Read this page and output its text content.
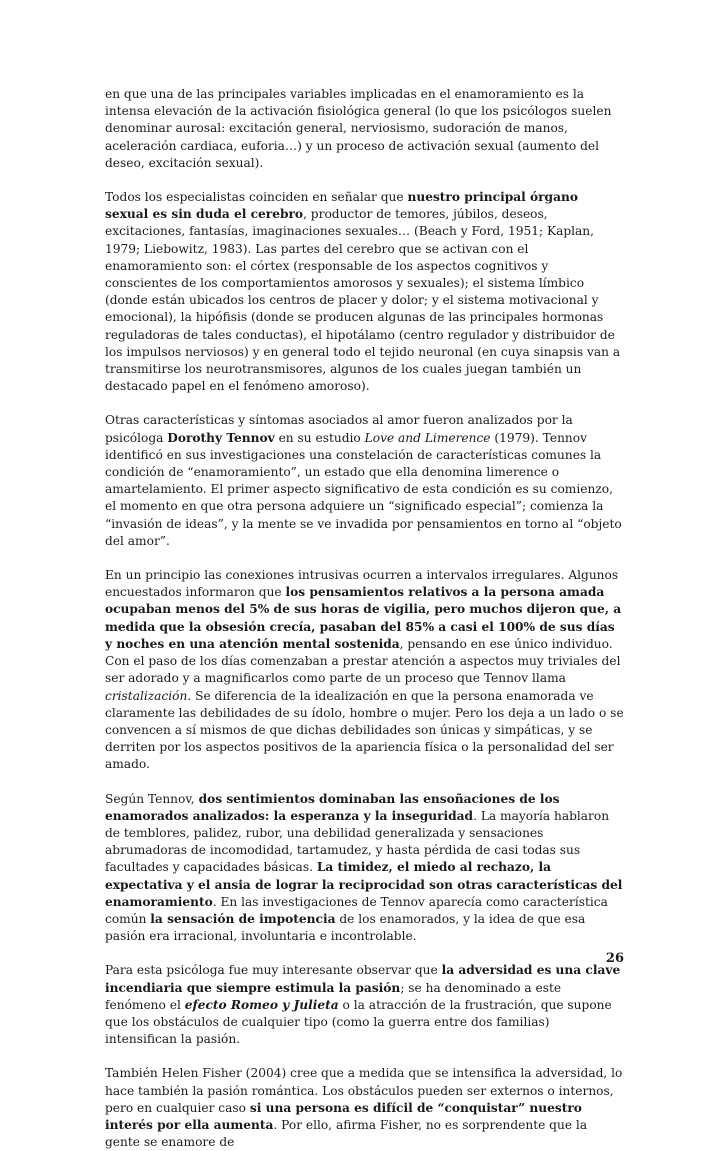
en que una de las principales variables implicadas en el enamoramiento es la intensa elevación de la activación fisiológica general (lo que los psicólogos suelen denominar aurosal: excitación general, nerviosismo, sudoración de manos, aceleración cardiaca, euforia…) y un proceso de activación sexual (aumento del deseo, excitación sexual).

Todos los especialistas coinciden en señalar que nuestro principal órgano sexual es sin duda el cerebro, productor de temores, júbilos, deseos, excitaciones, fantasías, imaginaciones sexuales… (Beach y Ford, 1951; Kaplan, 1979; Liebowitz, 1983). Las partes del cerebro que se activan con el enamoramiento son: el córtex (responsable de los aspectos cognitivos y conscientes de los comportamientos amorosos y sexuales); el sistema límbico (donde están ubicados los centros de placer y dolor; y el sistema motivacional y emocional), la hipófisis (donde se producen algunas de las principales hormonas reguladoras de tales conductas), el hipotálamo (centro regulador y distribuidor de los impulsos nerviosos) y en general todo el tejido neuronal (en cuya sinapsis van a transmitirse los neurotransmisores, algunos de los cuales juegan también un destacado papel en el fenómeno amoroso).

Otras características y síntomas asociados al amor fueron analizados por la psicóloga Dorothy Tennov en su estudio Love and Limerence (1979). Tennov identificó en sus investigaciones una constelación de características comunes la condición de “enamoramiento”, un estado que ella denomina limerence o amartelamiento. El primer aspecto significativo de esta condición es su comienzo, el momento en que otra persona adquiere un “significado especial”; comienza la “invasión de ideas”, y la mente se ve invadida por pensamientos en torno al “objeto del amor”.

En un principio las conexiones intrusivas ocurren a intervalos irregulares. Algunos encuestados informaron que los pensamientos relativos a la persona amada ocupaban menos del 5% de sus horas de vigilia, pero muchos dijeron que, a medida que la obsesión crecía, pasaban del 85% a casi el 100% de sus días y noches en una atención mental sostenida, pensando en ese único individuo. Con el paso de los días comenzaban a prestar atención a aspectos muy triviales del ser adorado y a magnificarlos como parte de un proceso que Tennov llama cristalización. Se diferencia de la idealización en que la persona enamorada ve claramente las debilidades de su ídolo, hombre o mujer. Pero los deja a un lado o se convencen a sí mismos de que dichas debilidades son únicas y simpáticas, y se derriten por los aspectos positivos de la apariencia física o la personalidad del ser amado.

Según Tennov, dos sentimientos dominaban las ensoñaciones de los enamorados analizados: la esperanza y la inseguridad. La mayoría hablaron de temblores, palidez, rubor, una debilidad generalizada y sensaciones abrumadoras de incomodidad, tartamudez, y hasta pérdida de casi todas sus facultades y capacidades básicas. La timidez, el miedo al rechazo, la expectativa y el ansia de lograr la reciprocidad son otras características del enamoramiento. En las investigaciones de Tennov aparecía como característica común la sensación de impotencia de los enamorados, y la idea de que esa pasión era irracional, involuntaria e incontrolable.

Para esta psicóloga fue muy interesante observar que la adversidad es una clave incendiaria que siempre estimula la pasión; se ha denominado a este fenómeno el efecto Romeo y Julieta o la atracción de la frustración, que supone que los obstáculos de cualquier tipo (como la guerra entre dos familias) intensifican la pasión.

También Helen Fisher (2004) cree que a medida que se intensifica la adversidad, lo hace también la pasión romántica. Los obstáculos pueden ser externos o internos, pero en cualquier caso si una persona es difícil de “conquistar” nuestro interés por ella aumenta. Por ello, afirma Fisher, no es sorprendente que la gente se enamore de

26
